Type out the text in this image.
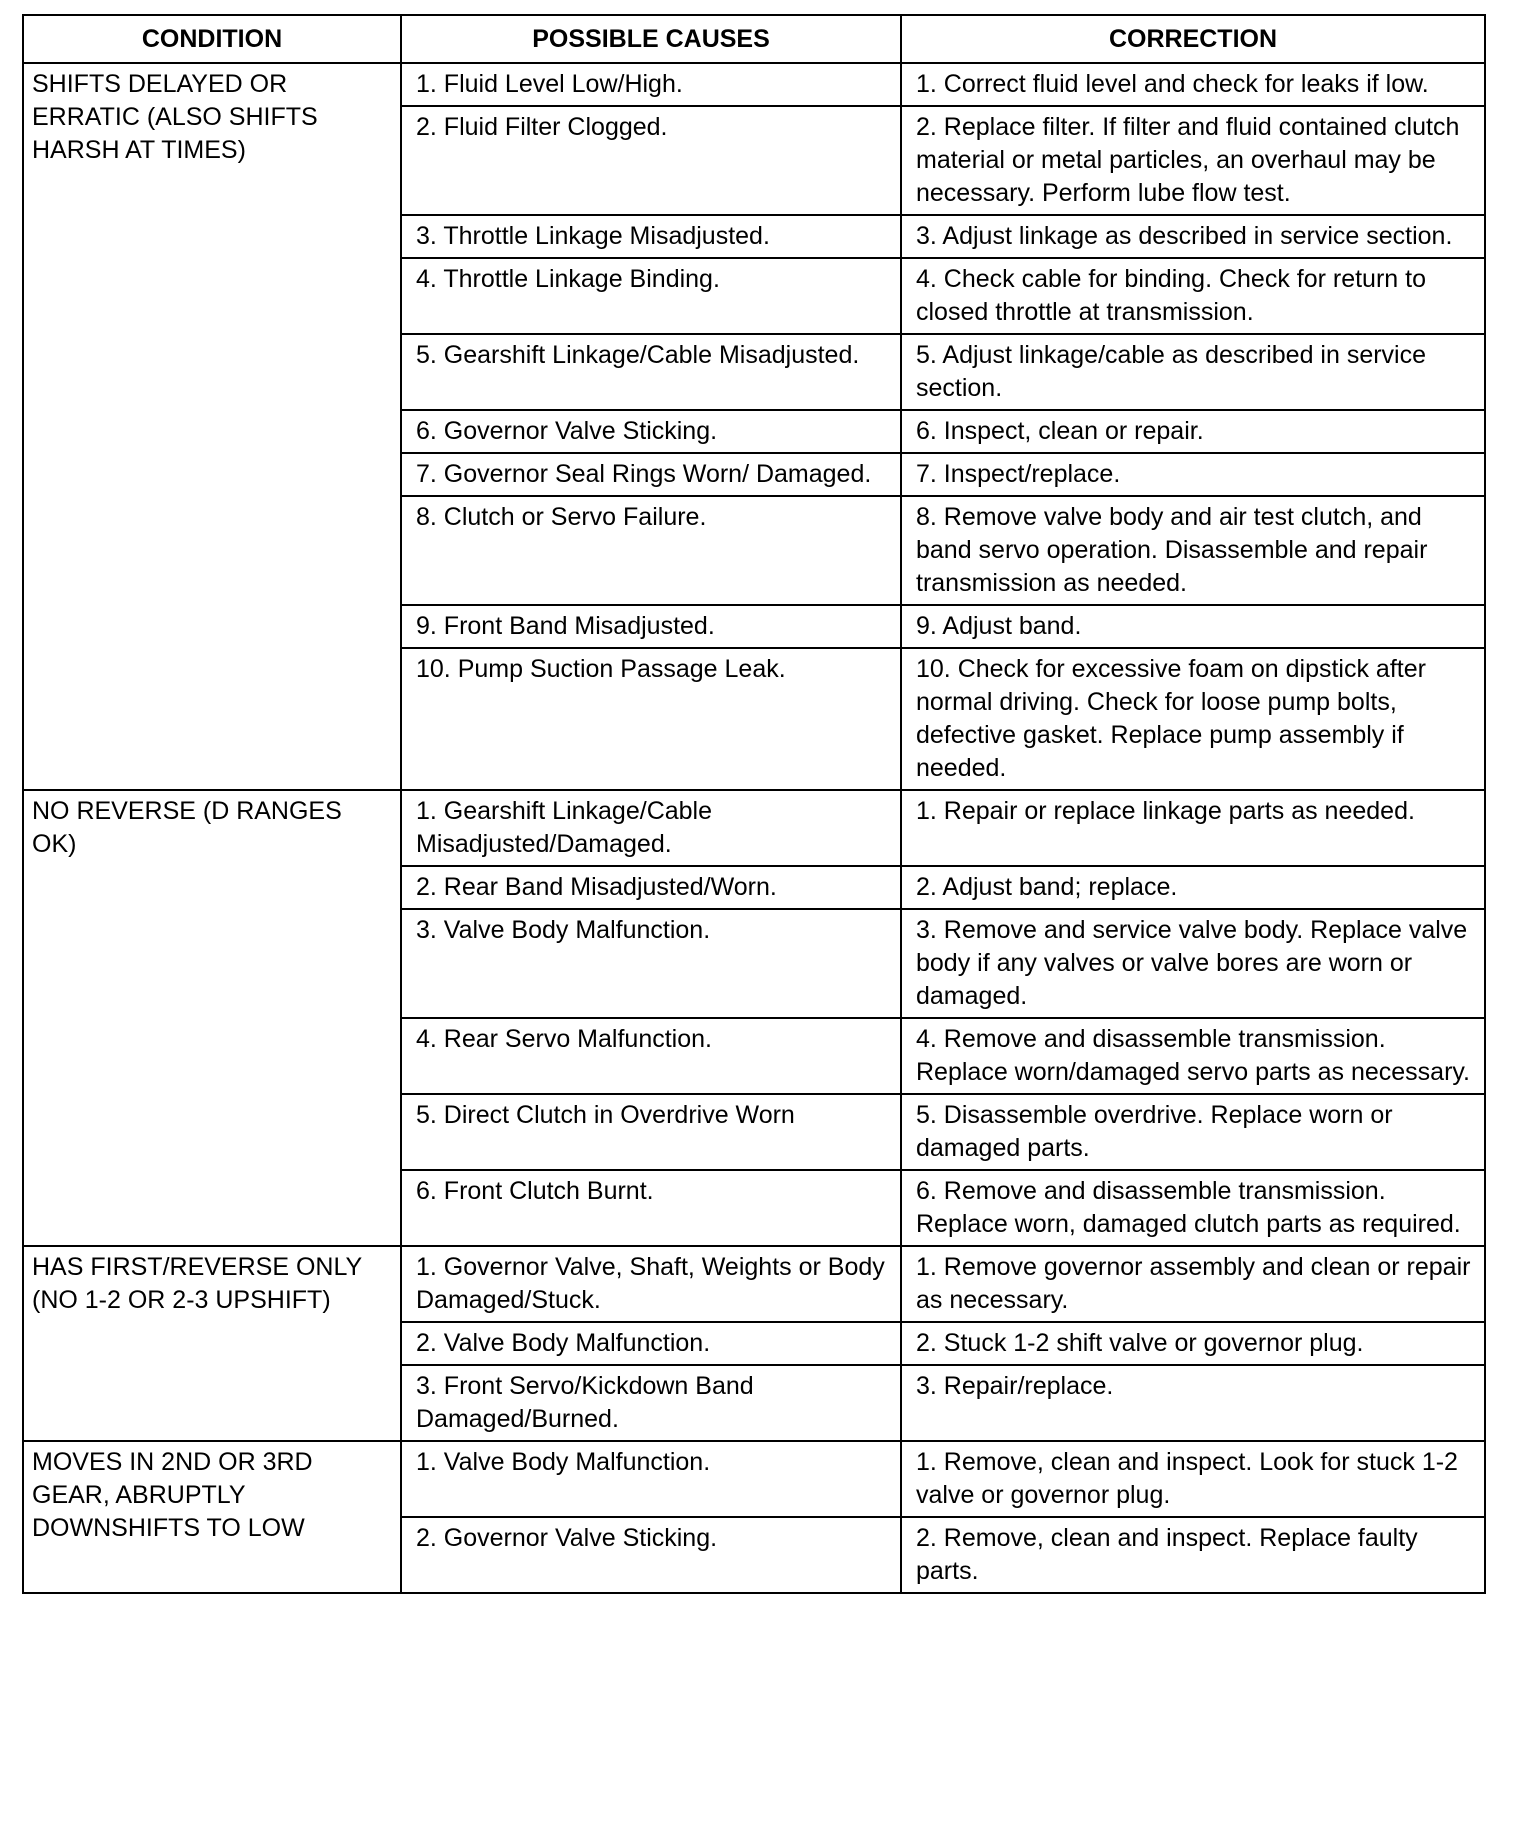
CONDITION	POSSIBLE CAUSES	CORRECTION
SHIFTS DELAYED OR ERRATIC (ALSO SHIFTS HARSH AT TIMES)	1. Fluid Level Low/High.	1. Correct fluid level and check for leaks if low.
	2. Fluid Filter Clogged.	2. Replace filter. If filter and fluid contained clutch material or metal particles, an overhaul may be necessary. Perform lube flow test.
	3. Throttle Linkage Misadjusted.	3. Adjust linkage as described in service section.
	4. Throttle Linkage Binding.	4. Check cable for binding. Check for return to closed throttle at transmission.
	5. Gearshift Linkage/Cable Misadjusted.	5. Adjust linkage/cable as described in service section.
	6. Governor Valve Sticking.	6. Inspect, clean or repair.
	7. Governor Seal Rings Worn/ Damaged.	7. Inspect/replace.
	8. Clutch or Servo Failure.	8. Remove valve body and air test clutch, and band servo operation. Disassemble and repair transmission as needed.
	9. Front Band Misadjusted.	9. Adjust band.
	10. Pump Suction Passage Leak.	10. Check for excessive foam on dipstick after normal driving. Check for loose pump bolts, defective gasket. Replace pump assembly if needed.
NO REVERSE (D RANGES OK)	1. Gearshift Linkage/Cable Misadjusted/Damaged.	1. Repair or replace linkage parts as needed.
	2. Rear Band Misadjusted/Worn.	2. Adjust band; replace.
	3. Valve Body Malfunction.	3. Remove and service valve body. Replace valve body if any valves or valve bores are worn or damaged.
	4. Rear Servo Malfunction.	4. Remove and disassemble transmission. Replace worn/damaged servo parts as necessary.
	5. Direct Clutch in Overdrive Worn	5. Disassemble overdrive. Replace worn or damaged parts.
	6. Front Clutch Burnt.	6. Remove and disassemble transmission. Replace worn, damaged clutch parts as required.
HAS FIRST/REVERSE ONLY (NO 1-2 OR 2-3 UPSHIFT)	1. Governor Valve, Shaft, Weights or Body Damaged/Stuck.	1. Remove governor assembly and clean or repair as necessary.
	2. Valve Body Malfunction.	2. Stuck 1-2 shift valve or governor plug.
	3. Front Servo/Kickdown Band Damaged/Burned.	3. Repair/replace.
MOVES IN 2ND OR 3RD GEAR, ABRUPTLY DOWNSHIFTS TO LOW	1. Valve Body Malfunction.	1. Remove, clean and inspect. Look for stuck 1-2 valve or governor plug.
	2. Governor Valve Sticking.	2. Remove, clean and inspect. Replace faulty parts.
